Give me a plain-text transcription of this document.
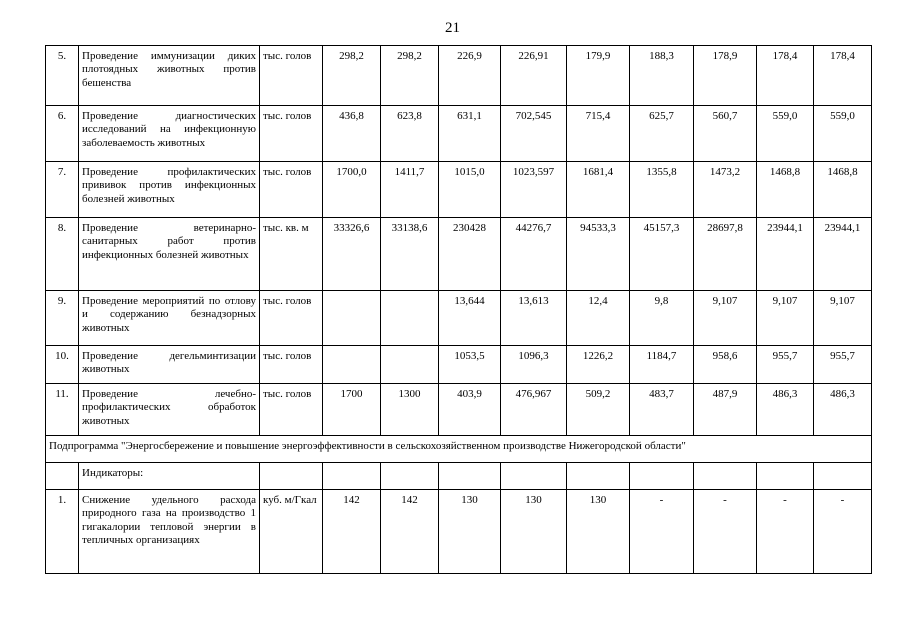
21
5.	Проведение иммунизации диких плотоядных животных против бешенства	тыс. голов	298,2	298,2	226,9	226,91	179,9	188,3	178,9	178,4	178,4
6.	Проведение диагностических исследований на инфекционную заболеваемость животных	тыс. голов	436,8	623,8	631,1	702,545	715,4	625,7	560,7	559,0	559,0
7.	Проведение профилактических прививок против инфекционных болезней животных	тыс. голов	1700,0	1411,7	1015,0	1023,597	1681,4	1355,8	1473,2	1468,8	1468,8
8.	Проведение ветеринарно-санитарных работ против инфекционных болезней животных	тыс. кв. м	33326,6	33138,6	230428	44276,7	94533,3	45157,3	28697,8	23944,1	23944,1
9.	Проведение мероприятий по отлову и содержанию безнадзорных животных	тыс. голов			13,644	13,613	12,4	9,8	9,107	9,107	9,107
10.	Проведение дегельминтизации животных	тыс. голов			1053,5	1096,3	1226,2	1184,7	958,6	955,7	955,7
11.	Проведение лечебно-профилактических обработок животных	тыс. голов	1700	1300	403,9	476,967	509,2	483,7	487,9	486,3	486,3
Подпрограмма "Энергосбережение и повышение энергоэффективности в сельскохозяйственном производстве Нижегородской области"											
	Индикаторы:										
1.	Снижение удельного расхода природного газа на производство 1 гигакалории тепловой энергии в тепличных организациях	куб. м/Гкал	142	142	130	130	130	-	-	-	-
